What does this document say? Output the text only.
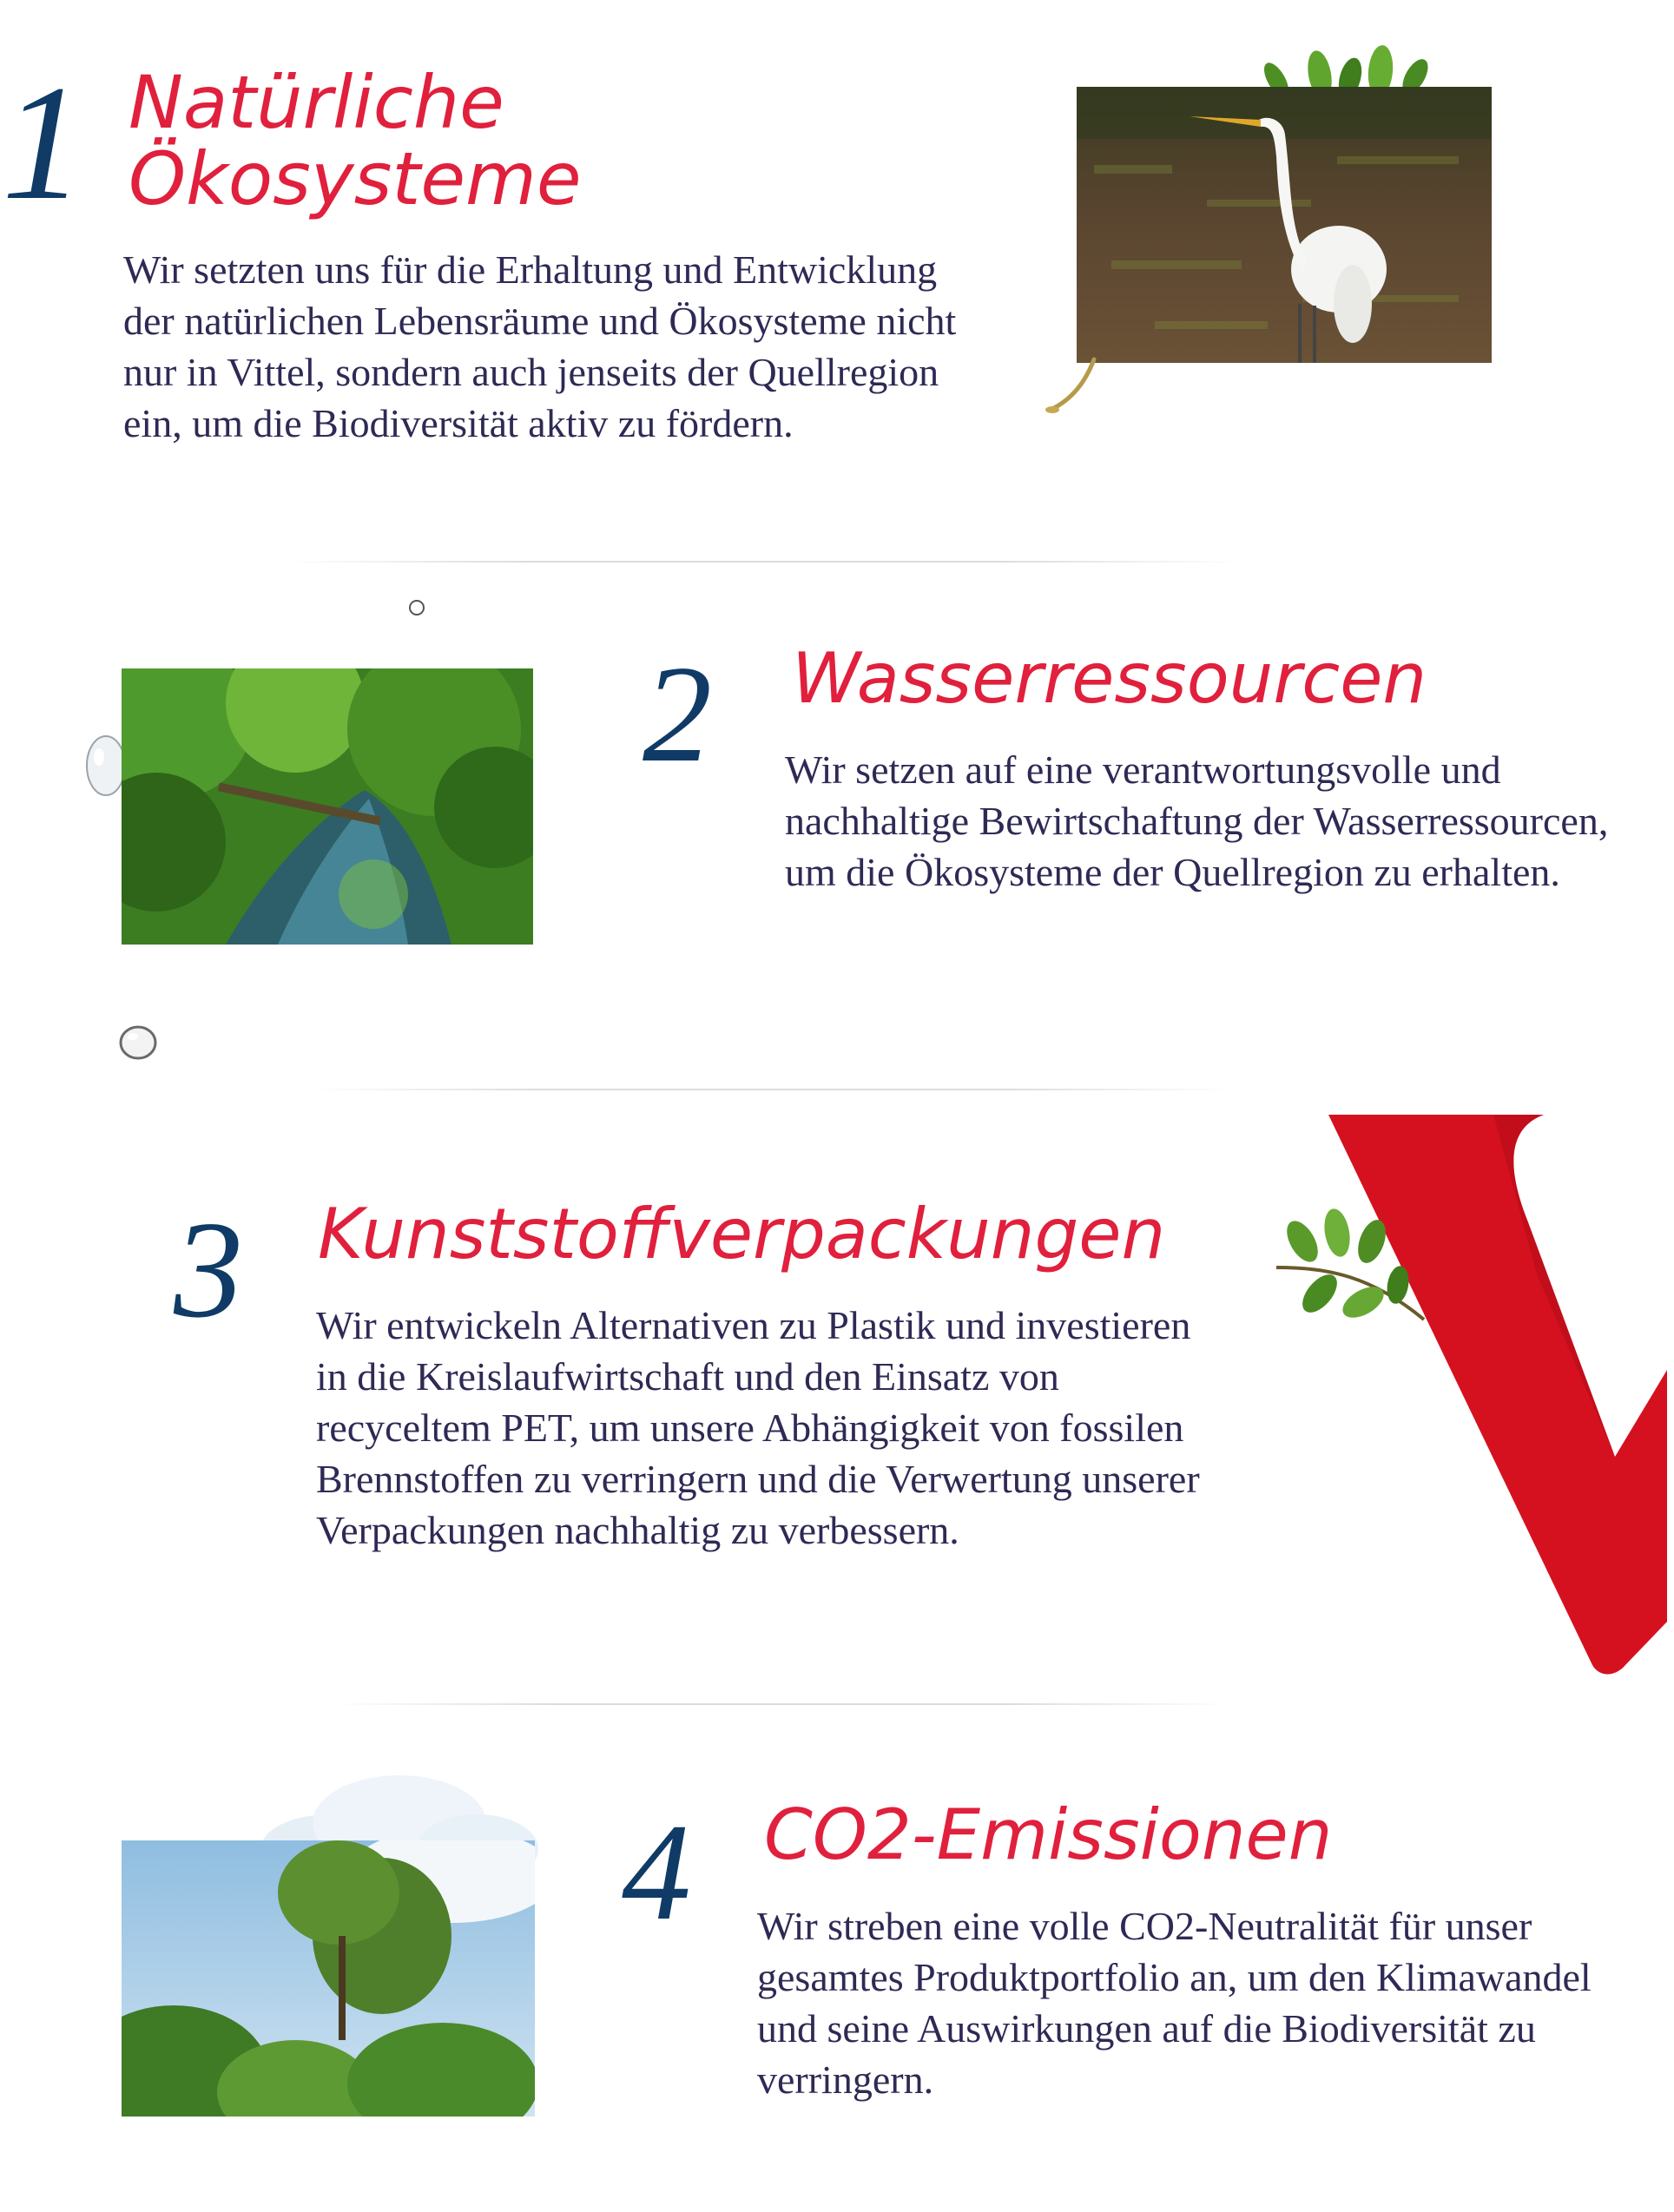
1 Natürliche
Ökosysteme

Wir setzten uns für die Erhaltung und Entwicklung der natürlichen Lebensräume und Ökosysteme nicht nur in Vittel, sondern auch jenseits der Quellregion ein, um die Biodiversität aktiv zu fördern.

2 Wasserressourcen

Wir setzen auf eine verantwortungsvolle und nachhaltige Bewirtschaftung der Wasserressourcen, um die Ökosysteme der Quellregion zu erhalten.

3 Kunststoffverpackungen

Wir entwickeln Alternativen zu Plastik und investieren in die Kreislaufwirtschaft und den Einsatz von recyceltem PET, um unsere Abhängigkeit von fossilen Brennstoffen zu verringern und die Verwertung unserer Verpackungen nachhaltig zu verbessern.

4 CO2-Emissionen

Wir streben eine volle CO2-Neutralität für unser gesamtes Produktportfolio an, um den Klimawandel und seine Auswirkungen auf die Biodiversität zu verringern.
